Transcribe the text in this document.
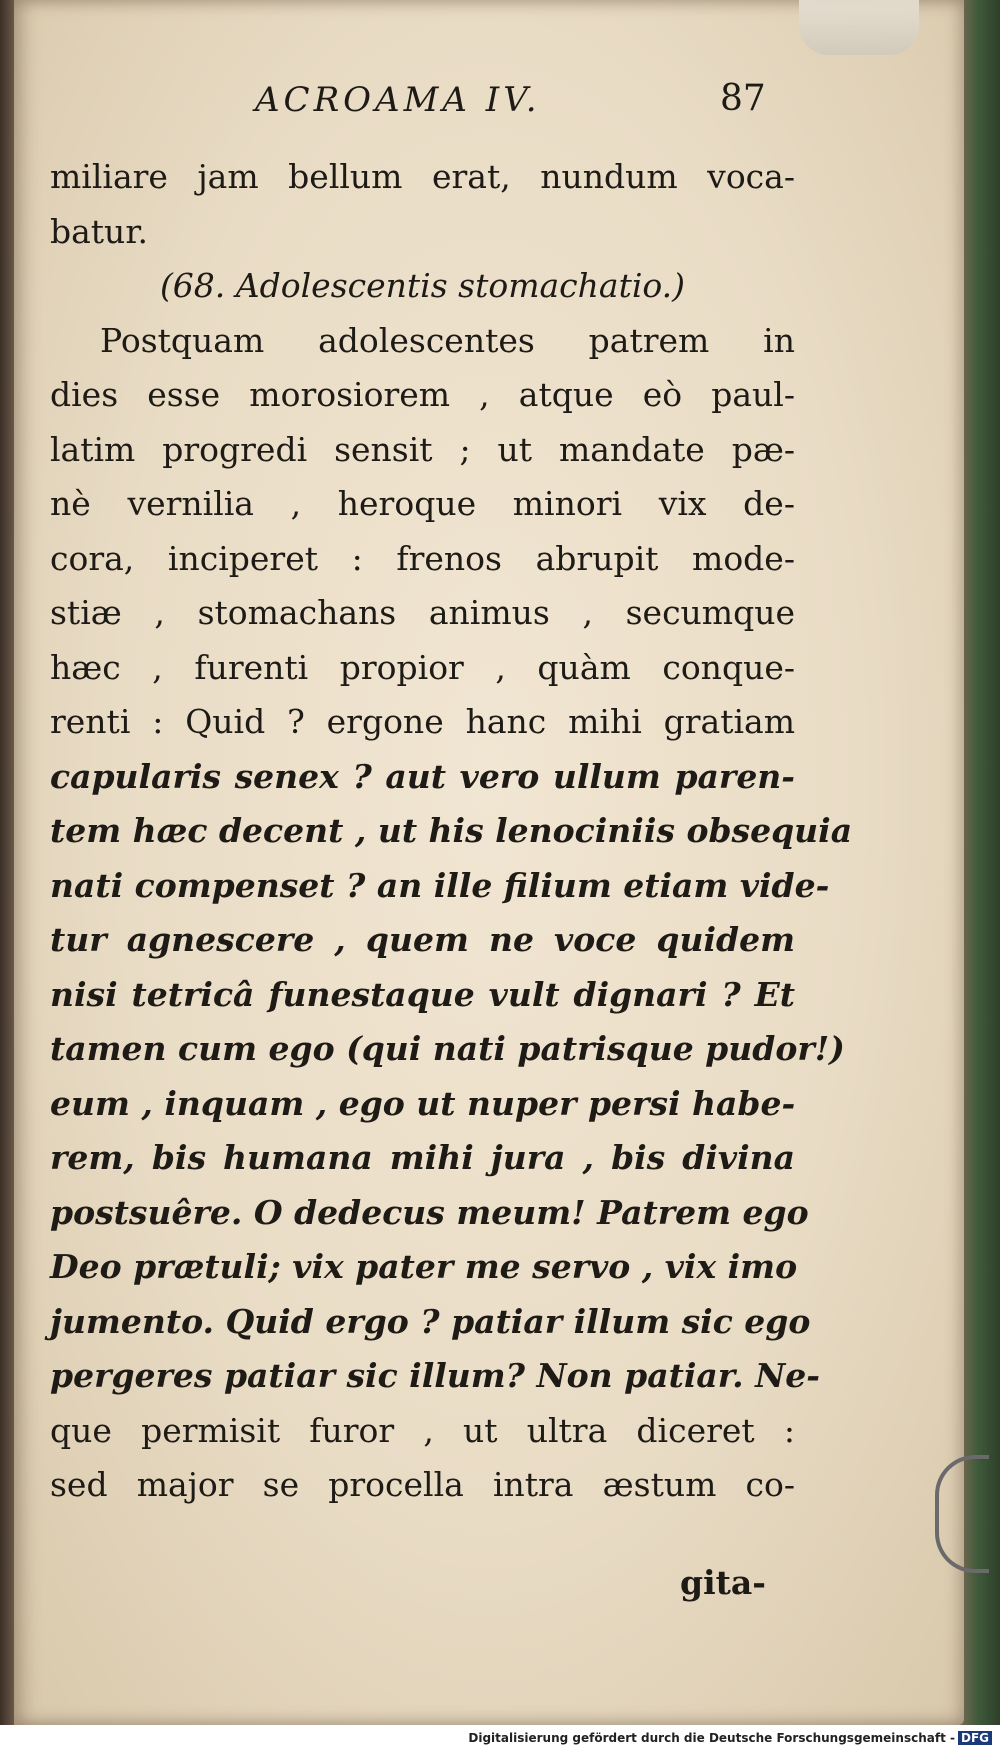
ACROAMA IV.	87
miliare jam bellum erat, nundum voca-
batur.
(68. Adolescentis stomachatio.)
Postquam adolescentes patrem in
dies esse morosiorem , atque eò paul-
latim progredi sensit ; ut mandate pæ-
nè vernilia , heroque minori vix de-
cora, inciperet : frenos abrupit mode-
stiæ , stomachans animus , secumque
hæc , furenti propior , quàm conque-
renti : Quid ? ergone hanc mihi gratiam
capularis senex ? aut vero ullum paren-
tem hæc decent , ut his lenociniis obsequia
nati compenset ? an ille filium etiam vide-
tur agnescere , quem ne voce quidem
nisi tetricâ funestaque vult dignari ? Et
tamen cum ego (qui nati patrisque pudor!)
eum , inquam , ego ut nuper persi habe-
rem, bis humana mihi jura , bis divina
postsuêre. O dedecus meum! Patrem ego
Deo prætuli; vix pater me servo , vix imo
jumento. Quid ergo ? patiar illum sic ego
pergeres patiar sic illum? Non patiar. Ne-
que permisit furor , ut ultra diceret :
sed major se procella intra æstum co-
gita-
Digitalisierung gefördert durch die Deutsche Forschungsgemeinschaft - DFG
